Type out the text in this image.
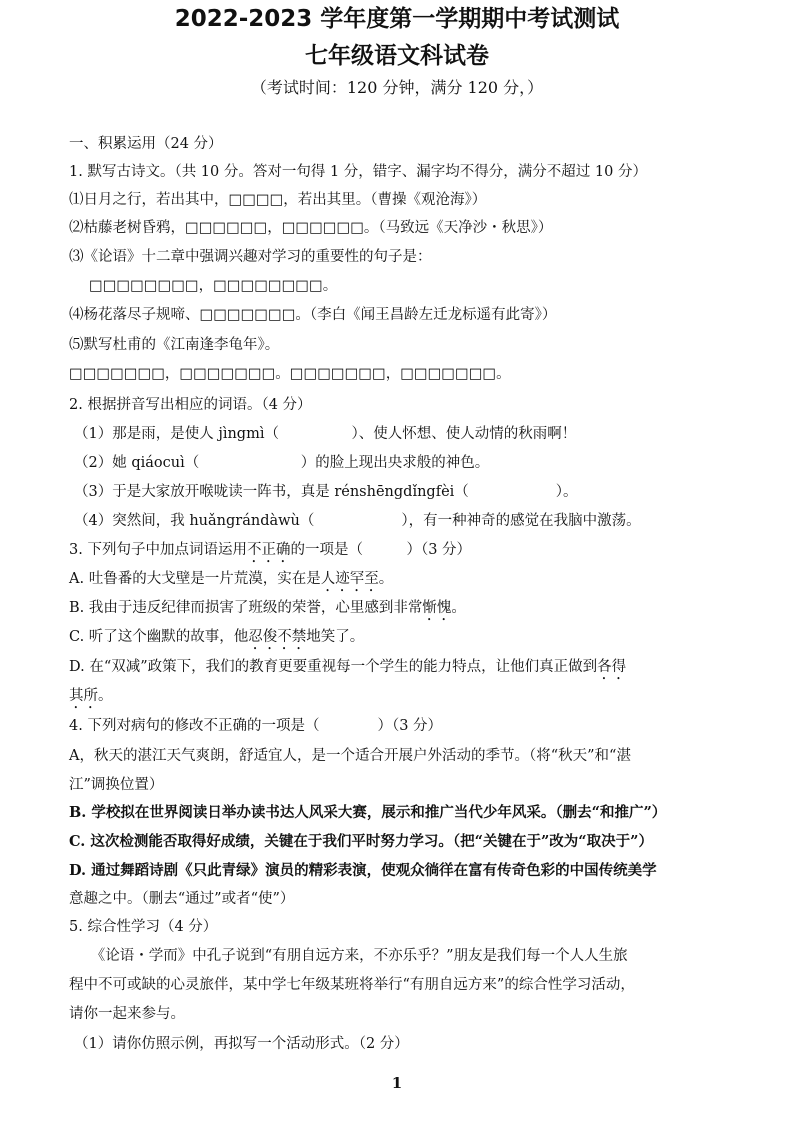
2022-2023 学年度第一学期期中考试测试
七年级语文科试卷
（考试时间：120 分钟，满分 120 分，）
一、积累运用（24 分）
1. 默写古诗文。（共 10 分。答对一句得 1 分，错字、漏字均不得分，满分不超过 10 分）
⑴日月之行，若出其中，□□□□，若出其里。（曹操《观沧海》）
⑵枯藤老树昏鸦，□□□□□□，□□□□□□。（马致远《天净沙・秋思》）
⑶《论语》十二章中强调兴趣对学习的重要性的句子是：
□□□□□□□□，□□□□□□□□。
⑷杨花落尽子规啼、□□□□□□□。（李白《闻王昌龄左迁龙标遥有此寄》）
⑸默写杜甫的《江南逢李龟年》。
□□□□□□□，□□□□□□□。□□□□□□□，□□□□□□□。
2. 根据拼音写出相应的词语。（4 分）
（1）那是雨，是使人 jìngmì（　　　　　）、使人怀想、使人动情的秋雨啊！
（2）她 qiáocuì（　　　　　　　）的脸上现出央求般的神色。
（3）于是大家放开喉咙读一阵书，真是 rénshēngdǐngfèi（　　　　　　）。
（4）突然间，我 huǎngrándàwù（　　　　　　），有一种神奇的感觉在我脑中激荡。
3. 下列句子中加点词语运用不正确的一项是（　　　）（3 分）
A. 吐鲁番的大戈壁是一片荒漠，实在是人迹罕至。
B. 我由于违反纪律而损害了班级的荣誉，心里感到非常惭愧。
C. 听了这个幽默的故事，他忍俊不禁地笑了。
D. 在“双减”政策下，我们的教育更要重视每一个学生的能力特点，让他们真正做到各得
其所。
4. 下列对病句的修改不正确的一项是（　　　　）（3 分）
A，秋天的湛江天气爽朗，舒适宜人，是一个适合开展户外活动的季节。（将“秋天”和“湛
江”调换位置）
B. 学校拟在世界阅读日举办读书达人风采大赛，展示和推广当代少年风采。（删去“和推广”）
C. 这次检测能否取得好成绩，关键在于我们平时努力学习。（把“关键在于”改为“取决于”）
D. 通过舞蹈诗剧《只此青绿》演员的精彩表演，使观众徜徉在富有传奇色彩的中国传统美学
意趣之中。（删去“通过”或者“使”）
5. 综合性学习（4 分）
　　《论语・学而》中孔子说到“有朋自远方来，不亦乐乎？”朋友是我们每一个人人生旅
程中不可或缺的心灵旅伴，某中学七年级某班将举行“有朋自远方来”的综合性学习活动，
请你一起来参与。
（1）请你仿照示例，再拟写一个活动形式。（2 分）
1
